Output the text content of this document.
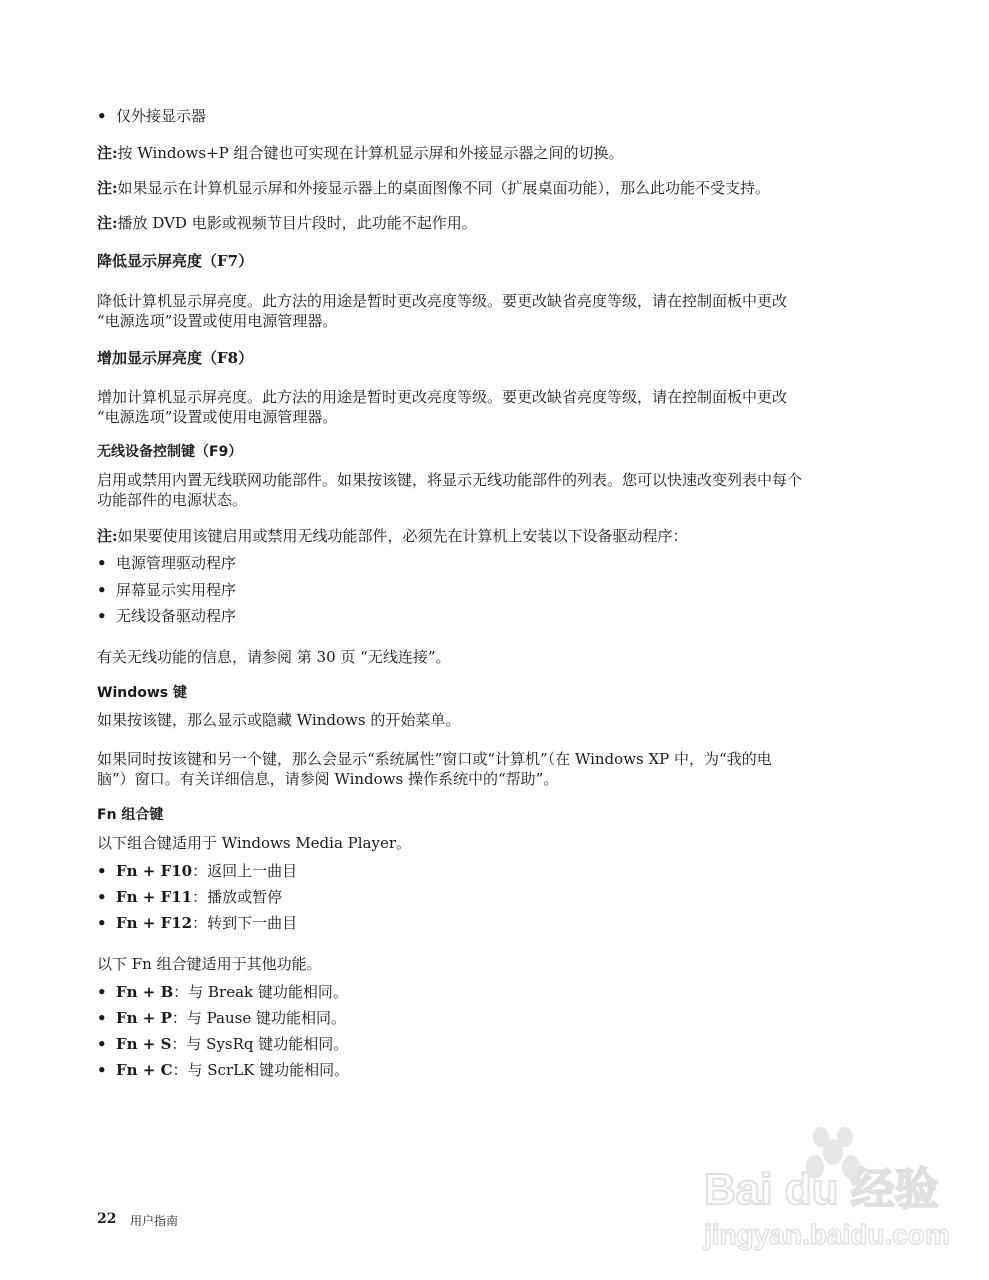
• 仅外接显示器
注:按 Windows+P 组合键也可实现在计算机显示屏和外接显示器之间的切换。
注:如果显示在计算机显示屏和外接显示器上的桌面图像不同（扩展桌面功能），那么此功能不受支持。
注:播放 DVD 电影或视频节目片段时，此功能不起作用。
降低显示屏亮度（F7）
降低计算机显示屏亮度。此方法的用途是暂时更改亮度等级。要更改缺省亮度等级，请在控制面板中更改
“电源选项”设置或使用电源管理器。
增加显示屏亮度（F8）
增加计算机显示屏亮度。此方法的用途是暂时更改亮度等级。要更改缺省亮度等级，请在控制面板中更改
“电源选项”设置或使用电源管理器。
无线设备控制键（F9）
启用或禁用内置无线联网功能部件。如果按该键，将显示无线功能部件的列表。您可以快速改变列表中每个
功能部件的电源状态。
注:如果要使用该键启用或禁用无线功能部件，必须先在计算机上安装以下设备驱动程序：
• 电源管理驱动程序
• 屏幕显示实用程序
• 无线设备驱动程序
有关无线功能的信息，请参阅 第 30 页 “无线连接”。
Windows 键
如果按该键，那么显示或隐藏 Windows 的开始菜单。
如果同时按该键和另一个键，那么会显示“系统属性”窗口或“计算机”（在 Windows XP 中，为“我的电
脑”）窗口。有关详细信息，请参阅 Windows 操作系统中的“帮助”。
Fn 组合键
以下组合键适用于 Windows Media Player。
• Fn + F10：返回上一曲目
• Fn + F11：播放或暂停
• Fn + F12：转到下一曲目
以下 Fn 组合键适用于其他功能。
• Fn + B：与 Break 键功能相同。
• Fn + P：与 Pause 键功能相同。
• Fn + S：与 SysRq 键功能相同。
• Fn + C：与 ScrLK 键功能相同。
22 用户指南
Bai du 经验
jingyan.baidu.com
